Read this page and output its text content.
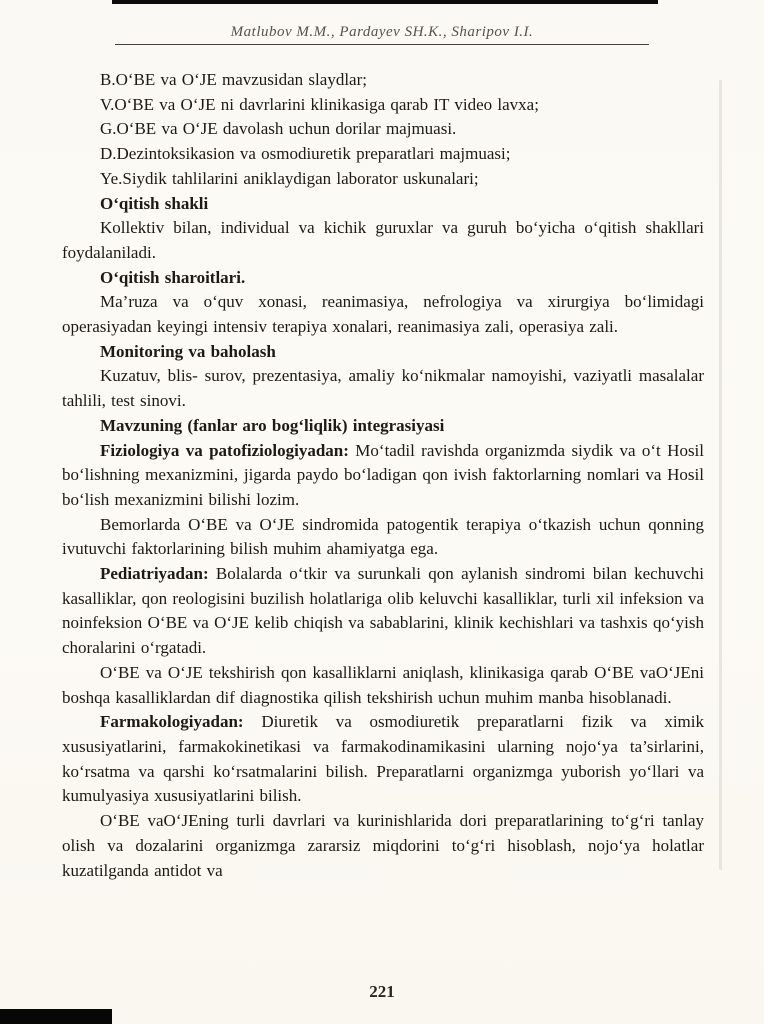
Matlubov M.M., Pardayev SH.K., Sharipov I.I.

B.O‘BE va O‘JE mavzusidan slaydlar;

V.O‘BE va O‘JE ni davrlarini klinikasiga qarab IT video lavxa;

G.O‘BE va O‘JE davolash uchun dorilar majmuasi.

D.Dezintoksikasion va osmodiuretik preparatlari majmuasi;

Ye.Siydik tahlilarini aniklaydigan laborator uskunalari;

O‘qitish shakli

Kollektiv bilan, individual va kichik guruxlar va guruh bo‘yicha o‘qitish shakllari foydalaniladi.

O‘qitish sharoitlari.

Ma’ruza va o‘quv xonasi, reanimasiya, nefrologiya va xirurgiya bo‘limidagi operasiyadan keyingi intensiv terapiya xonalari, reanimasiya zali, operasiya zali.

Monitoring va baholash

Kuzatuv, blis- surov, prezentasiya, amaliy ko‘nikmalar namoyishi, vaziyatli masalalar tahlili, test sinovi.

Mavzuning (fanlar aro bog‘liqlik) integrasiyasi

Fiziologiya va patofiziologiyadan: Mo‘tadil ravishda organizmda siydik va o‘t Hosil bo‘lishning mexanizmini, jigarda paydo bo‘ladigan qon ivish faktorlarning nomlari va Hosil bo‘lish mexanizmini bilishi lozim.

Bemorlarda O‘BE va O‘JE sindromida patogentik terapiya o‘tkazish uchun qonning ivutuvchi faktorlarining bilish muhim ahamiyatga ega.

Pediatriyadan: Bolalarda o‘tkir va surunkali qon aylanish sindromi bilan kechuvchi kasalliklar, qon reologisini buzilish holatlariga olib keluvchi kasalliklar, turli xil infeksion va noinfeksion O‘BE va O‘JE kelib chiqish va sabablarini, klinik kechishlari va tashxis qo‘yish choralarini o‘rgatadi.

O‘BE va O‘JE tekshirish qon kasalliklarni aniqlash, klinikasiga qarab O‘BE vaO‘JEni boshqa kasalliklardan dif diagnostika qilish tekshirish uchun muhim manba hisoblanadi.

Farmakologiyadan: Diuretik va osmodiuretik preparatlarni fizik va ximik xususiyatlarini, farmakokinetikasi va farmakodinamikasini ularning nojo‘ya ta’sirlarini, ko‘rsatma va qarshi ko‘rsatmalarini bilish. Preparatlarni organizmga yuborish yo‘llari va kumulyasiya xususiyatlarini bilish.

O‘BE vaO‘JEning turli davrlari va kurinishlarida dori preparatlarining to‘g‘ri tanlay olish va dozalarini organizmga zararsiz miqdorini to‘g‘ri hisoblash, nojo‘ya holatlar kuzatilganda antidot va

221
